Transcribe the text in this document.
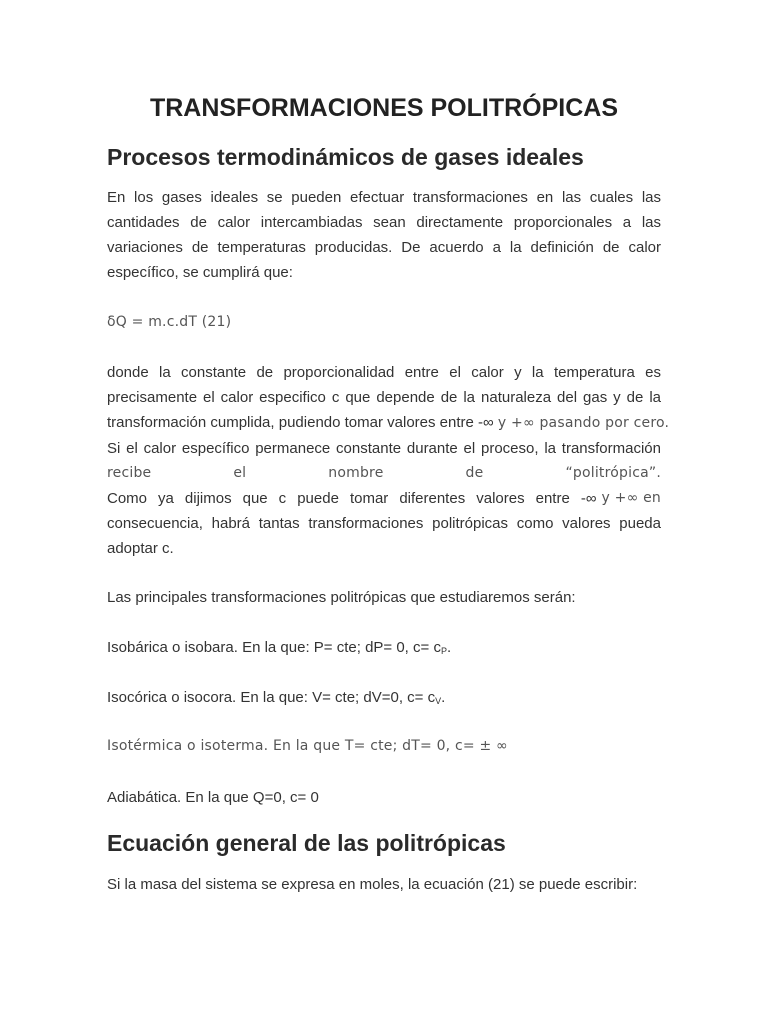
TRANSFORMACIONES POLITRÓPICAS
Procesos termodinámicos de gases ideales

En los gases ideales se pueden efectuar transformaciones en las cuales las cantidades de calor intercambiadas sean directamente proporcionales a las variaciones de temperaturas producidas. De acuerdo a la definición de calor específico, se cumplirá que:

δQ = m.c.dT (21)

donde la constante de proporcionalidad entre el calor y la temperatura es
precisamente el calor especifico c que depende de la naturaleza del gas y de la
transformación cumplida, pudiendo tomar valores entre -∞ y +∞ pasando por cero.
Si el calor específico permanece constante durante el proceso, la transformación
recibe el nombre de “politrópica”.
Como ya dijimos que c puede tomar diferentes valores entre -∞ y +∞ en
consecuencia, habrá tantas transformaciones politrópicas como valores pueda
adoptar c.

Las principales transformaciones politrópicas que estudiaremos serán:

Isobárica o isobara. En la que: P= cte; dP= 0, $c= c_P$.

Isocórica o isocora. En la que: V= cte; dV=0, $c= c_V$.

Isotérmica o isoterma. En la que T= cte; dT= 0, c= ± ∞

Adiabática. En la que Q=0, c= 0

Ecuación general de las politrópicas

Si la masa del sistema se expresa en moles, la ecuación (21) se puede escribir:
